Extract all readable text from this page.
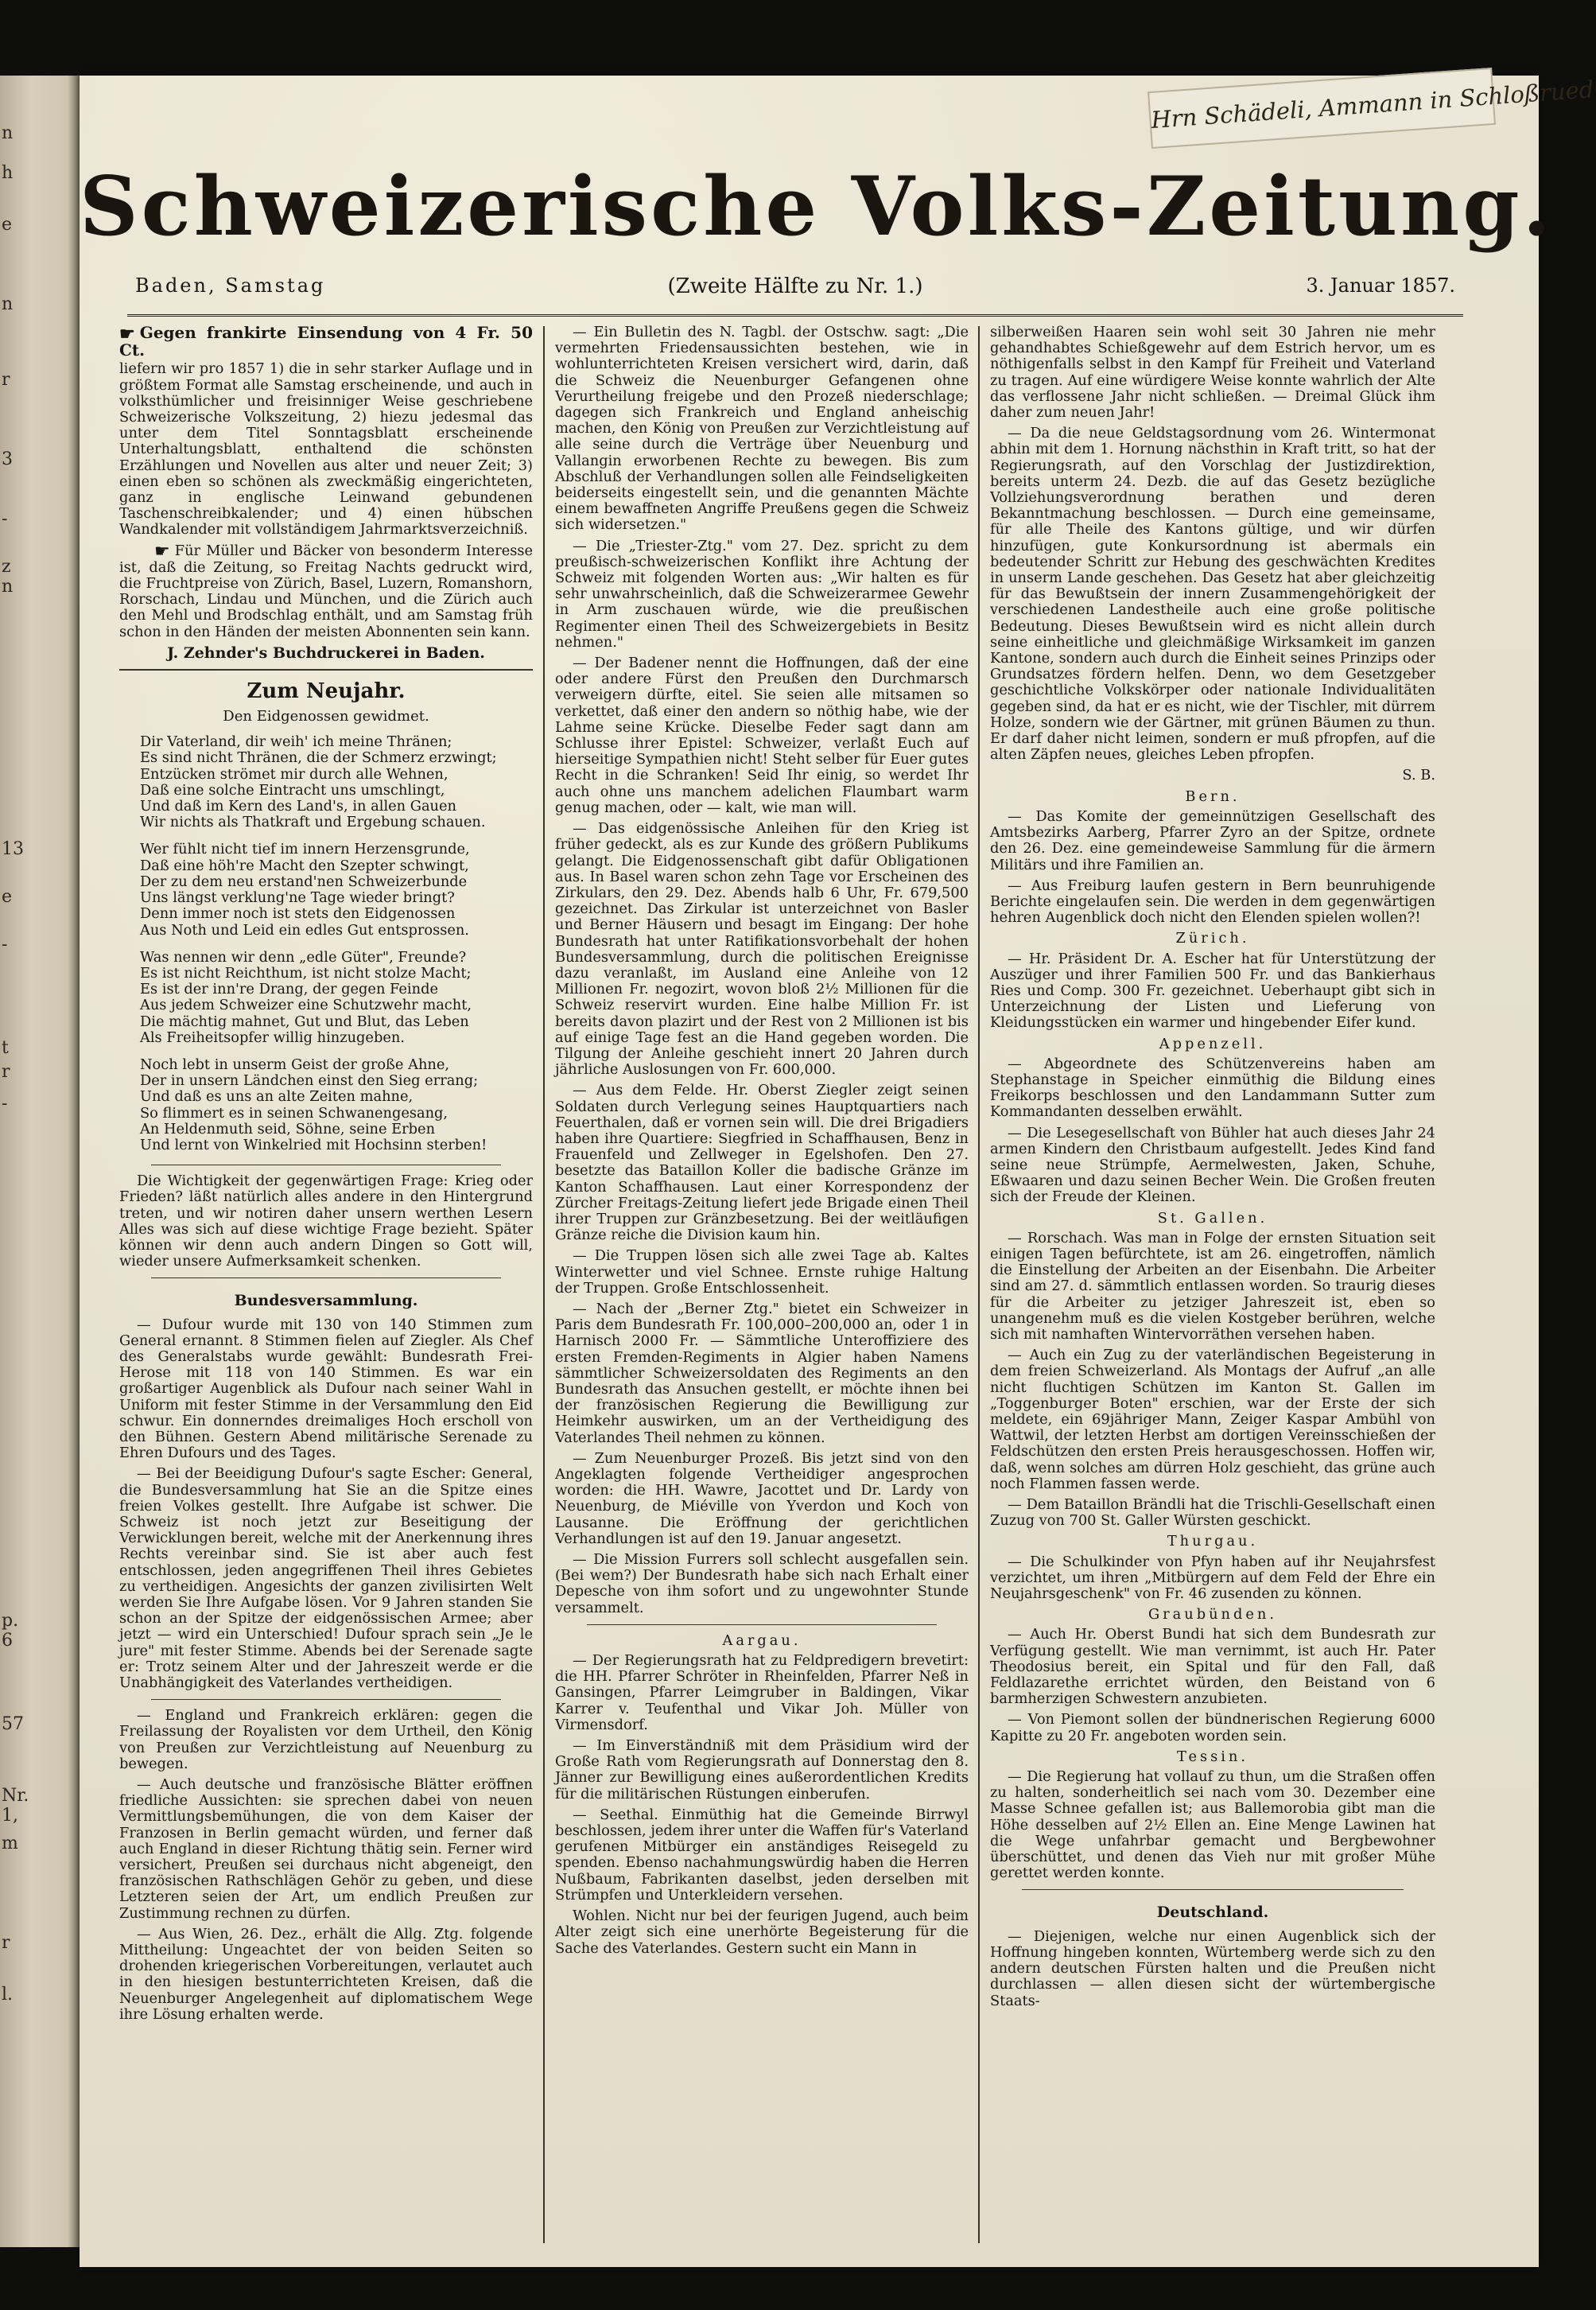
n
h
e
n
r
3
-
z
n
13
e
-
t
r
-
p.
6
57
Nr.
1,
m
r
l.
Hrn Schädeli, Ammann in Schloßrued
Schweizerische Volks-Zeitung.
Baden, Samstag	(Zweite Hälfte zu Nr. 1.)	3. Januar 1857.

☛ Gegen frankirte Einsendung von 4 Fr. 50 Ct.

liefern wir pro 1857 1) die in sehr starker Auflage und in größtem Format alle Samstag erscheinende, und auch in volksthümlicher und freisinniger Weise geschriebene Schweizerische Volkszeitung, 2) hiezu jedesmal das unter dem Titel Sonntagsblatt erscheinende Unterhaltungsblatt, enthaltend die schönsten Erzählungen und Novellen aus alter und neuer Zeit; 3) einen eben so schönen als zweckmäßig eingerichteten, ganz in englische Leinwand gebundenen Taschenschreibkalender; und 4) einen hübschen Wandkalender mit vollständigem Jahrmarktsverzeichniß.

☛ Für Müller und Bäcker von besonderm Interesse ist, daß die Zeitung, so Freitag Nachts gedruckt wird, die Fruchtpreise von Zürich, Basel, Luzern, Romanshorn, Rorschach, Lindau und München, und die Zürich auch den Mehl und Brodschlag enthält, und am Samstag früh schon in den Händen der meisten Abonnenten sein kann.

J. Zehnder's Buchdruckerei in Baden.

Zum Neujahr.

Den Eidgenossen gewidmet.

Dir Vaterland, dir weih' ich meine Thränen;
Es sind nicht Thränen, die der Schmerz erzwingt;
Entzücken strömet mir durch alle Wehnen,
Daß eine solche Eintracht uns umschlingt,
Und daß im Kern des Land's, in allen Gauen
Wir nichts als Thatkraft und Ergebung schauen.

Wer fühlt nicht tief im innern Herzensgrunde,
Daß eine höh're Macht den Szepter schwingt,
Der zu dem neu erstand'nen Schweizerbunde
Uns längst verklung'ne Tage wieder bringt?
Denn immer noch ist stets den Eidgenossen
Aus Noth und Leid ein edles Gut entsprossen.

Was nennen wir denn „edle Güter", Freunde?
Es ist nicht Reichthum, ist nicht stolze Macht;
Es ist der inn're Drang, der gegen Feinde
Aus jedem Schweizer eine Schutzwehr macht,
Die mächtig mahnet, Gut und Blut, das Leben
Als Freiheitsopfer willig hinzugeben.

Noch lebt in unserm Geist der große Ahne,
Der in unsern Ländchen einst den Sieg errang;
Und daß es uns an alte Zeiten mahne,
So flimmert es in seinen Schwanengesang,
An Heldenmuth seid, Söhne, seine Erben
Und lernt von Winkelried mit Hochsinn sterben!

Die Wichtigkeit der gegenwärtigen Frage: Krieg oder Frieden? läßt natürlich alles andere in den Hintergrund treten, und wir notiren daher unsern werthen Lesern Alles was sich auf diese wichtige Frage bezieht. Später können wir denn auch andern Dingen so Gott will, wieder unsere Aufmerksamkeit schenken.

Bundesversammlung.

— Dufour wurde mit 130 von 140 Stimmen zum General ernannt. 8 Stimmen fielen auf Ziegler. Als Chef des Generalstabs wurde gewählt: Bundesrath Frei-Herose mit 118 von 140 Stimmen. Es war ein großartiger Augenblick als Dufour nach seiner Wahl in Uniform mit fester Stimme in der Versammlung den Eid schwur. Ein donnerndes dreimaliges Hoch erscholl von den Bühnen. Gestern Abend militärische Serenade zu Ehren Dufours und des Tages.

— Bei der Beeidigung Dufour's sagte Escher: General, die Bundesversammlung hat Sie an die Spitze eines freien Volkes gestellt. Ihre Aufgabe ist schwer. Die Schweiz ist noch jetzt zur Beseitigung der Verwicklungen bereit, welche mit der Anerkennung ihres Rechts vereinbar sind. Sie ist aber auch fest entschlossen, jeden angegriffenen Theil ihres Gebietes zu vertheidigen. Angesichts der ganzen zivilisirten Welt werden Sie Ihre Aufgabe lösen. Vor 9 Jahren standen Sie schon an der Spitze der eidgenössischen Armee; aber jetzt — wird ein Unterschied! Dufour sprach sein „Je le jure" mit fester Stimme. Abends bei der Serenade sagte er: Trotz seinem Alter und der Jahreszeit werde er die Unabhängigkeit des Vaterlandes vertheidigen.

— England und Frankreich erklären: gegen die Freilassung der Royalisten vor dem Urtheil, den König von Preußen zur Verzichtleistung auf Neuenburg zu bewegen.

— Auch deutsche und französische Blätter eröffnen friedliche Aussichten: sie sprechen dabei von neuen Vermittlungsbemühungen, die von dem Kaiser der Franzosen in Berlin gemacht würden, und ferner daß auch England in dieser Richtung thätig sein. Ferner wird versichert, Preußen sei durchaus nicht abgeneigt, den französischen Rathschlägen Gehör zu geben, und diese Letzteren seien der Art, um endlich Preußen zur Zustimmung rechnen zu dürfen.

— Aus Wien, 26. Dez., erhält die Allg. Ztg. folgende Mittheilung: Ungeachtet der von beiden Seiten so drohenden kriegerischen Vorbereitungen, verlautet auch in den hiesigen bestunterrichteten Kreisen, daß die Neuenburger Angelegenheit auf diplomatischem Wege ihre Lösung erhalten werde.

— Ein Bulletin des N. Tagbl. der Ostschw. sagt: „Die vermehrten Friedensaussichten bestehen, wie in wohlunterrichteten Kreisen versichert wird, darin, daß die Schweiz die Neuenburger Gefangenen ohne Verurtheilung freigebe und den Prozeß niederschlage; dagegen sich Frankreich und England anheischig machen, den König von Preußen zur Verzichtleistung auf alle seine durch die Verträge über Neuenburg und Vallangin erworbenen Rechte zu bewegen. Bis zum Abschluß der Verhandlungen sollen alle Feindseligkeiten beiderseits eingestellt sein, und die genannten Mächte einem bewaffneten Angriffe Preußens gegen die Schweiz sich widersetzen."

— Die „Triester-Ztg." vom 27. Dez. spricht zu dem preußisch-schweizerischen Konflikt ihre Achtung der Schweiz mit folgenden Worten aus: „Wir halten es für sehr unwahrscheinlich, daß die Schweizerarmee Gewehr in Arm zuschauen würde, wie die preußischen Regimenter einen Theil des Schweizergebiets in Besitz nehmen."

— Der Badener nennt die Hoffnungen, daß der eine oder andere Fürst den Preußen den Durchmarsch verweigern dürfte, eitel. Sie seien alle mitsamen so verkettet, daß einer den andern so nöthig habe, wie der Lahme seine Krücke. Dieselbe Feder sagt dann am Schlusse ihrer Epistel: Schweizer, verlaßt Euch auf hierseitige Sympathien nicht! Steht selber für Euer gutes Recht in die Schranken! Seid Ihr einig, so werdet Ihr auch ohne uns manchem adelichen Flaumbart warm genug machen, oder — kalt, wie man will.

— Das eidgenössische Anleihen für den Krieg ist früher gedeckt, als es zur Kunde des größern Publikums gelangt. Die Eidgenossenschaft gibt dafür Obligationen aus. In Basel waren schon zehn Tage vor Erscheinen des Zirkulars, den 29. Dez. Abends halb 6 Uhr, Fr. 679,500 gezeichnet. Das Zirkular ist unterzeichnet von Basler und Berner Häusern und besagt im Eingang: Der hohe Bundesrath hat unter Ratifikationsvorbehalt der hohen Bundesversammlung, durch die politischen Ereignisse dazu veranlaßt, im Ausland eine Anleihe von 12 Millionen Fr. negozirt, wovon bloß 2½ Millionen für die Schweiz reservirt wurden. Eine halbe Million Fr. ist bereits davon plazirt und der Rest von 2 Millionen ist bis auf einige Tage fest an die Hand gegeben worden. Die Tilgung der Anleihe geschieht innert 20 Jahren durch jährliche Auslosungen von Fr. 600,000.

— Aus dem Felde. Hr. Oberst Ziegler zeigt seinen Soldaten durch Verlegung seines Hauptquartiers nach Feuerthalen, daß er vornen sein will. Die drei Brigadiers haben ihre Quartiere: Siegfried in Schaffhausen, Benz in Frauenfeld und Zellweger in Egelshofen. Den 27. besetzte das Bataillon Koller die badische Gränze im Kanton Schaffhausen. Laut einer Korrespondenz der Zürcher Freitags-Zeitung liefert jede Brigade einen Theil ihrer Truppen zur Gränzbesetzung. Bei der weitläufigen Gränze reiche die Division kaum hin.

— Die Truppen lösen sich alle zwei Tage ab. Kaltes Winterwetter und viel Schnee. Ernste ruhige Haltung der Truppen. Große Entschlossenheit.

— Nach der „Berner Ztg." bietet ein Schweizer in Paris dem Bundesrath Fr. 100,000–200,000 an, oder 1 in Harnisch 2000 Fr. — Sämmtliche Unteroffiziere des ersten Fremden-Regiments in Algier haben Namens sämmtlicher Schweizersoldaten des Regiments an den Bundesrath das Ansuchen gestellt, er möchte ihnen bei der französischen Regierung die Bewilligung zur Heimkehr auswirken, um an der Vertheidigung des Vaterlandes Theil nehmen zu können.

— Zum Neuenburger Prozeß. Bis jetzt sind von den Angeklagten folgende Vertheidiger angesprochen worden: die HH. Wawre, Jacottet und Dr. Lardy von Neuenburg, de Miéville von Yverdon und Koch von Lausanne. Die Eröffnung der gerichtlichen Verhandlungen ist auf den 19. Januar angesetzt.

— Die Mission Furrers soll schlecht ausgefallen sein. (Bei wem?) Der Bundesrath habe sich nach Erhalt einer Depesche von ihm sofort und zu ungewohnter Stunde versammelt.

Aargau.

— Der Regierungsrath hat zu Feldpredigern brevetirt: die HH. Pfarrer Schröter in Rheinfelden, Pfarrer Neß in Gansingen, Pfarrer Leimgruber in Baldingen, Vikar Karrer v. Teufenthal und Vikar Joh. Müller von Virmensdorf.

— Im Einverständniß mit dem Präsidium wird der Große Rath vom Regierungsrath auf Donnerstag den 8. Jänner zur Bewilligung eines außerordentlichen Kredits für die militärischen Rüstungen einberufen.

— Seethal. Einmüthig hat die Gemeinde Birrwyl beschlossen, jedem ihrer unter die Waffen für's Vaterland gerufenen Mitbürger ein anständiges Reisegeld zu spenden. Ebenso nachahmungswürdig haben die Herren Nußbaum, Fabrikanten daselbst, jeden derselben mit Strümpfen und Unterkleidern versehen.

Wohlen. Nicht nur bei der feurigen Jugend, auch beim Alter zeigt sich eine unerhörte Begeisterung für die Sache des Vaterlandes. Gestern sucht ein Mann in

silberweißen Haaren sein wohl seit 30 Jahren nie mehr gehandhabtes Schießgewehr auf dem Estrich hervor, um es nöthigenfalls selbst in den Kampf für Freiheit und Vaterland zu tragen. Auf eine würdigere Weise konnte wahrlich der Alte das verflossene Jahr nicht schließen. — Dreimal Glück ihm daher zum neuen Jahr!

— Da die neue Geldstagsordnung vom 26. Wintermonat abhin mit dem 1. Hornung nächsthin in Kraft tritt, so hat der Regierungsrath, auf den Vorschlag der Justizdirektion, bereits unterm 24. Dezb. die auf das Gesetz bezügliche Vollziehungsverordnung berathen und deren Bekanntmachung beschlossen. — Durch eine gemeinsame, für alle Theile des Kantons gültige, und wir dürfen hinzufügen, gute Konkursordnung ist abermals ein bedeutender Schritt zur Hebung des geschwächten Kredites in unserm Lande geschehen. Das Gesetz hat aber gleichzeitig für das Bewußtsein der innern Zusammengehörigkeit der verschiedenen Landestheile auch eine große politische Bedeutung. Dieses Bewußtsein wird es nicht allein durch seine einheitliche und gleichmäßige Wirksamkeit im ganzen Kantone, sondern auch durch die Einheit seines Prinzips oder Grundsatzes fördern helfen. Denn, wo dem Gesetzgeber geschichtliche Volkskörper oder nationale Individualitäten gegeben sind, da hat er es nicht, wie der Tischler, mit dürrem Holze, sondern wie der Gärtner, mit grünen Bäumen zu thun. Er darf daher nicht leimen, sondern er muß pfropfen, auf die alten Zäpfen neues, gleiches Leben pfropfen.

S. B.

Bern.

— Das Komite der gemeinnützigen Gesellschaft des Amtsbezirks Aarberg, Pfarrer Zyro an der Spitze, ordnete den 26. Dez. eine gemeindeweise Sammlung für die ärmern Militärs und ihre Familien an.

— Aus Freiburg laufen gestern in Bern beunruhigende Berichte eingelaufen sein. Die werden in dem gegenwärtigen hehren Augenblick doch nicht den Elenden spielen wollen?!

Zürich.

— Hr. Präsident Dr. A. Escher hat für Unterstützung der Auszüger und ihrer Familien 500 Fr. und das Bankierhaus Ries und Comp. 300 Fr. gezeichnet. Ueberhaupt gibt sich in Unterzeichnung der Listen und Lieferung von Kleidungsstücken ein warmer und hingebender Eifer kund.

Appenzell.

— Abgeordnete des Schützenvereins haben am Stephanstage in Speicher einmüthig die Bildung eines Freikorps beschlossen und den Landammann Sutter zum Kommandanten desselben erwählt.

— Die Lesegesellschaft von Bühler hat auch dieses Jahr 24 armen Kindern den Christbaum aufgestellt. Jedes Kind fand seine neue Strümpfe, Aermelwesten, Jaken, Schuhe, Eßwaaren und dazu seinen Becher Wein. Die Großen freuten sich der Freude der Kleinen.

St. Gallen.

— Rorschach. Was man in Folge der ernsten Situation seit einigen Tagen befürchtete, ist am 26. eingetroffen, nämlich die Einstellung der Arbeiten an der Eisenbahn. Die Arbeiter sind am 27. d. sämmtlich entlassen worden. So traurig dieses für die Arbeiter zu jetziger Jahreszeit ist, eben so unangenehm muß es die vielen Kostgeber berühren, welche sich mit namhaften Wintervorräthen versehen haben.

— Auch ein Zug zu der vaterländischen Begeisterung in dem freien Schweizerland. Als Montags der Aufruf „an alle nicht fluchtigen Schützen im Kanton St. Gallen im „Toggenburger Boten" erschien, war der Erste der sich meldete, ein 69jähriger Mann, Zeiger Kaspar Ambühl von Wattwil, der letzten Herbst am dortigen Vereinsschießen der Feldschützen den ersten Preis herausgeschossen. Hoffen wir, daß, wenn solches am dürren Holz geschieht, das grüne auch noch Flammen fassen werde.

— Dem Bataillon Brändli hat die Trischli-Gesellschaft einen Zuzug von 700 St. Galler Würsten geschickt.

Thurgau.

— Die Schulkinder von Pfyn haben auf ihr Neujahrsfest verzichtet, um ihren „Mitbürgern auf dem Feld der Ehre ein Neujahrsgeschenk" von Fr. 46 zusenden zu können.

Graubünden.

— Auch Hr. Oberst Bundi hat sich dem Bundesrath zur Verfügung gestellt. Wie man vernimmt, ist auch Hr. Pater Theodosius bereit, ein Spital und für den Fall, daß Feldlazarethe errichtet würden, den Beistand von 6 barmherzigen Schwestern anzubieten.

— Von Piemont sollen der bündnerischen Regierung 6000 Kapitte zu 20 Fr. angeboten worden sein.

Tessin.

— Die Regierung hat vollauf zu thun, um die Straßen offen zu halten, sonderheitlich sei nach vom 30. Dezember eine Masse Schnee gefallen ist; aus Ballemorobia gibt man die Höhe desselben auf 2½ Ellen an. Eine Menge Lawinen hat die Wege unfahrbar gemacht und Bergbewohner überschüttet, und denen das Vieh nur mit großer Mühe gerettet werden konnte.

Deutschland.

— Diejenigen, welche nur einen Augenblick sich der Hoffnung hingeben konnten, Würtemberg werde sich zu den andern deutschen Fürsten halten und die Preußen nicht durchlassen — allen diesen sicht der würtembergische Staats-
